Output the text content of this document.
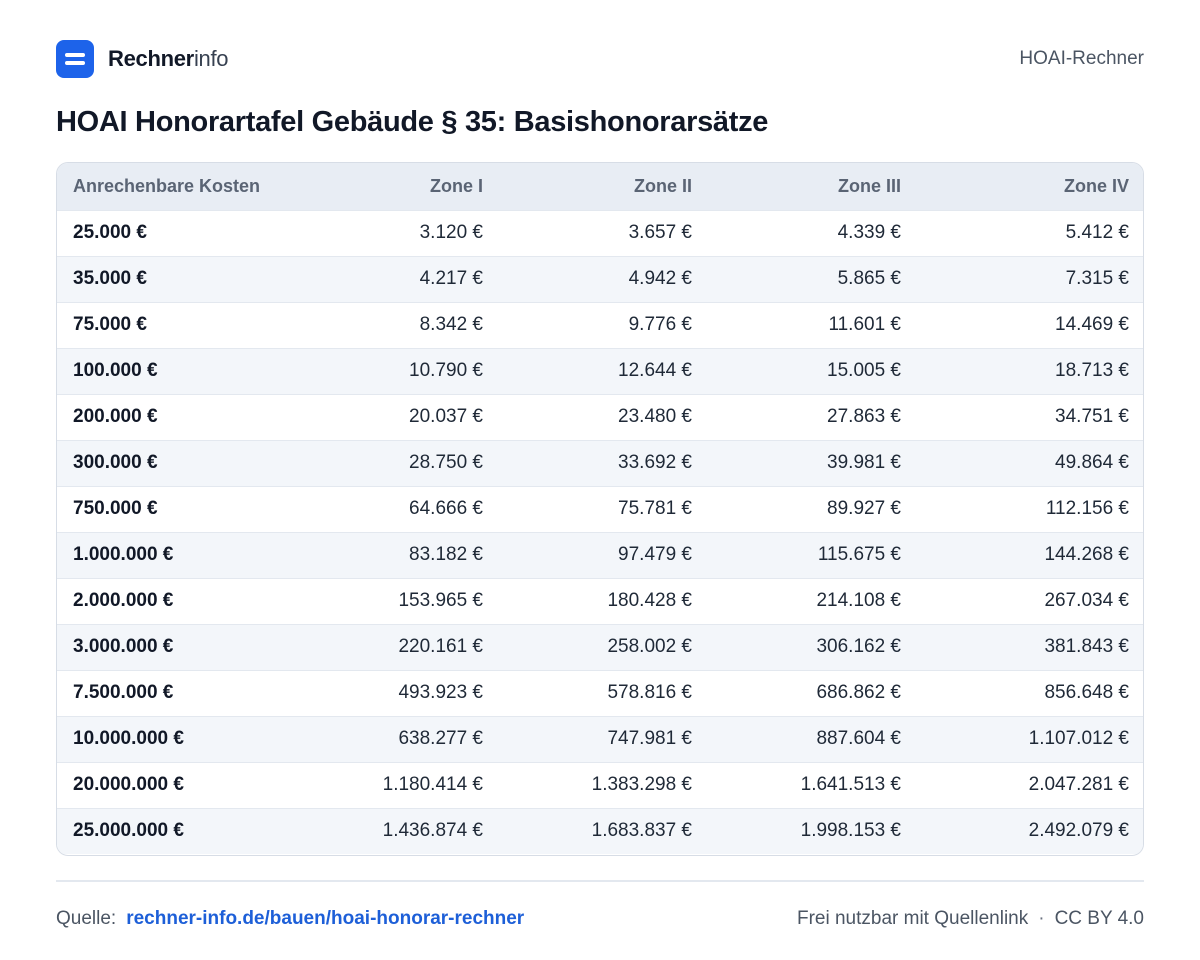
Rechnerinfo	HOAI-Rechner
HOAI Honorartafel Gebäude § 35: Basishonorarsätze
Anrechenbare Kosten	Zone I	Zone II	Zone III	Zone IV
25.000 €	3.120 €	3.657 €	4.339 €	5.412 €
35.000 €	4.217 €	4.942 €	5.865 €	7.315 €
75.000 €	8.342 €	9.776 €	11.601 €	14.469 €
100.000 €	10.790 €	12.644 €	15.005 €	18.713 €
200.000 €	20.037 €	23.480 €	27.863 €	34.751 €
300.000 €	28.750 €	33.692 €	39.981 €	49.864 €
750.000 €	64.666 €	75.781 €	89.927 €	112.156 €
1.000.000 €	83.182 €	97.479 €	115.675 €	144.268 €
2.000.000 €	153.965 €	180.428 €	214.108 €	267.034 €
3.000.000 €	220.161 €	258.002 €	306.162 €	381.843 €
7.500.000 €	493.923 €	578.816 €	686.862 €	856.648 €
10.000.000 €	638.277 €	747.981 €	887.604 €	1.107.012 €
20.000.000 €	1.180.414 €	1.383.298 €	1.641.513 €	2.047.281 €
25.000.000 €	1.436.874 €	1.683.837 €	1.998.153 €	2.492.079 €
Quelle: rechner-info.de/bauen/hoai-honorar-rechner	Frei nutzbar mit Quellenlink · CC BY 4.0
